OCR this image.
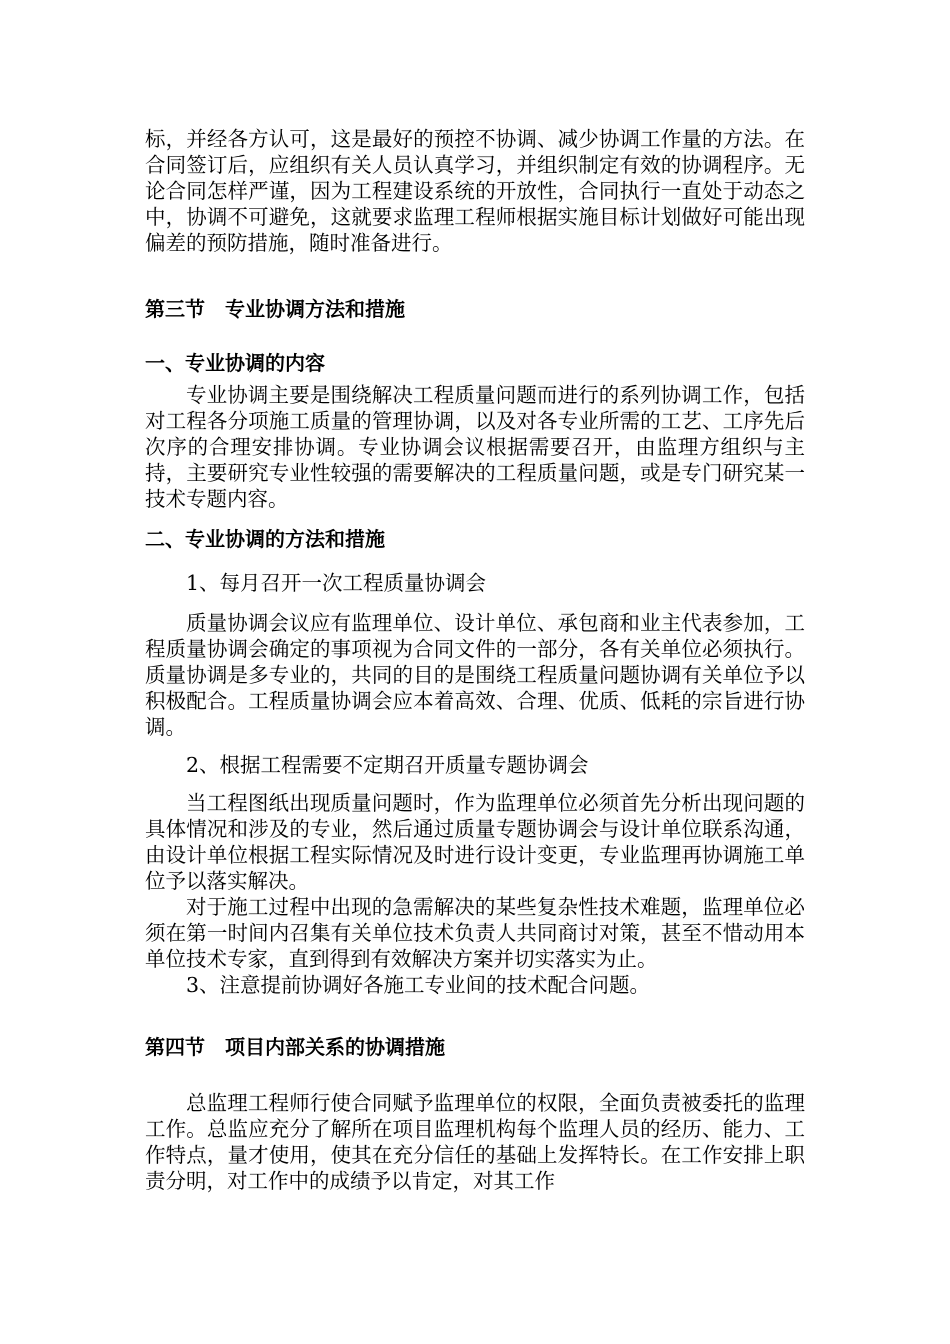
标，并经各方认可，这是最好的预控不协调、减少协调工作量的方法。在合同签订后，应组织有关人员认真学习，并组织制定有效的协调程序。无论合同怎样严谨，因为工程建设系统的开放性，合同执行一直处于动态之中，协调不可避免，这就要求监理工程师根据实施目标计划做好可能出现偏差的预防措施，随时准备进行。

第三节　专业协调方法和措施

一、专业协调的内容

专业协调主要是围绕解决工程质量问题而进行的系列协调工作，包括对工程各分项施工质量的管理协调，以及对各专业所需的工艺、工序先后次序的合理安排协调。专业协调会议根据需要召开，由监理方组织与主持，主要研究专业性较强的需要解决的工程质量问题，或是专门研究某一技术专题内容。

二、专业协调的方法和措施

1、每月召开一次工程质量协调会

质量协调会议应有监理单位、设计单位、承包商和业主代表参加，工程质量协调会确定的事项视为合同文件的一部分，各有关单位必须执行。质量协调是多专业的，共同的目的是围绕工程质量问题协调有关单位予以积极配合。工程质量协调会应本着高效、合理、优质、低耗的宗旨进行协调。

2、根据工程需要不定期召开质量专题协调会

当工程图纸出现质量问题时，作为监理单位必须首先分析出现问题的具体情况和涉及的专业，然后通过质量专题协调会与设计单位联系沟通，由设计单位根据工程实际情况及时进行设计变更，专业监理再协调施工单位予以落实解决。

对于施工过程中出现的急需解决的某些复杂性技术难题，监理单位必须在第一时间内召集有关单位技术负责人共同商讨对策，甚至不惜动用本单位技术专家，直到得到有效解决方案并切实落实为止。

3、注意提前协调好各施工专业间的技术配合问题。

第四节　项目内部关系的协调措施

总监理工程师行使合同赋予监理单位的权限，全面负责被委托的监理工作。总监应充分了解所在项目监理机构每个监理人员的经历、能力、工作特点，量才使用，使其在充分信任的基础上发挥特长。在工作安排上职责分明，对工作中的成绩予以肯定，对其工作
